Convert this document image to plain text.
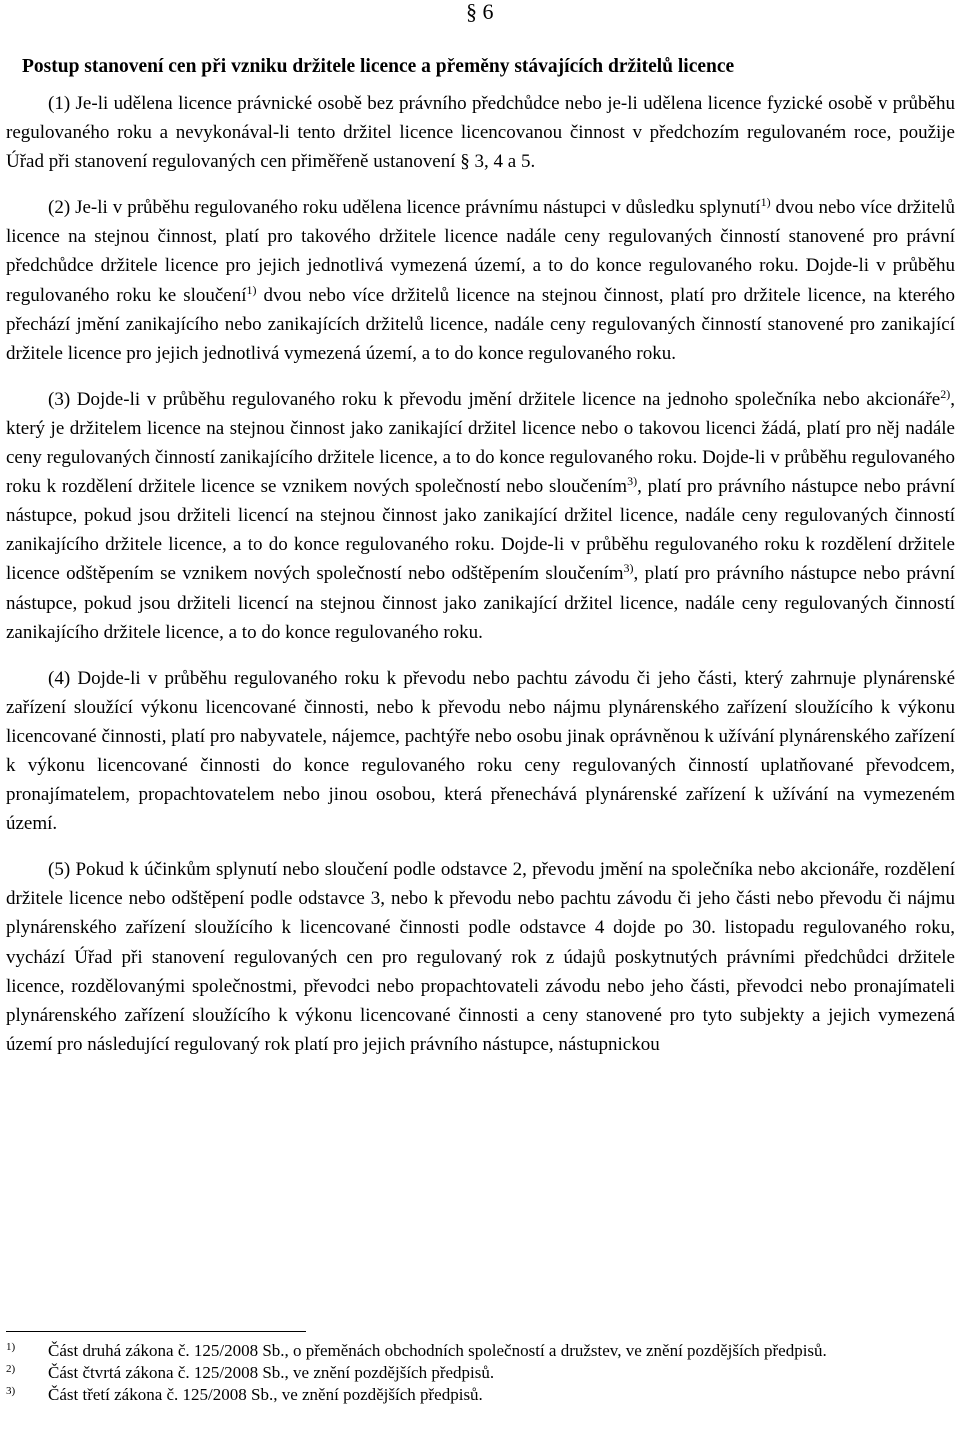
§ 6
Postup stanovení cen při vzniku držitele licence a přeměny stávajících držitelů licence

(1) Je-li udělena licence právnické osobě bez právního předchůdce nebo je-li udělena licence fyzické osobě v průběhu regulovaného roku a nevykonával-li tento držitel licence licencovanou činnost v předchozím regulovaném roce, použije Úřad při stanovení regulovaných cen přiměřeně ustanovení § 3, 4 a 5.

(2) Je-li v průběhu regulovaného roku udělena licence právnímu nástupci v důsledku splynutí$^{1)}$ dvou nebo více držitelů licence na stejnou činnost, platí pro takového držitele licence nadále ceny regulovaných činností stanovené pro právní předchůdce držitele licence pro jejich jednotlivá vymezená území, a to do konce regulovaného roku. Dojde-li v průběhu regulovaného roku ke sloučení$^{1)}$ dvou nebo více držitelů licence na stejnou činnost, platí pro držitele licence, na kterého přechází jmění zanikajícího nebo zanikajících držitelů licence, nadále ceny regulovaných činností stanovené pro zanikající držitele licence pro jejich jednotlivá vymezená území, a to do konce regulovaného roku.

(3) Dojde-li v průběhu regulovaného roku k převodu jmění držitele licence na jednoho společníka nebo akcionáře$^{2)}$, který je držitelem licence na stejnou činnost jako zanikající držitel licence nebo o takovou licenci žádá, platí pro něj nadále ceny regulovaných činností zanikajícího držitele licence, a to do konce regulovaného roku. Dojde-li v průběhu regulovaného roku k rozdělení držitele licence se vznikem nových společností nebo sloučením$^{3)}$, platí pro právního nástupce nebo právní nástupce, pokud jsou držiteli licencí na stejnou činnost jako zanikající držitel licence, nadále ceny regulovaných činností zanikajícího držitele licence, a to do konce regulovaného roku. Dojde-li v průběhu regulovaného roku k rozdělení držitele licence odštěpením se vznikem nových společností nebo odštěpením sloučením$^{3)}$, platí pro právního nástupce nebo právní nástupce, pokud jsou držiteli licencí na stejnou činnost jako zanikající držitel licence, nadále ceny regulovaných činností zanikajícího držitele licence, a to do konce regulovaného roku.

(4) Dojde-li v průběhu regulovaného roku k převodu nebo pachtu závodu či jeho části, který zahrnuje plynárenské zařízení sloužící výkonu licencované činnosti, nebo k převodu nebo nájmu plynárenského zařízení sloužícího k výkonu licencované činnosti, platí pro nabyvatele, nájemce, pachtýře nebo osobu jinak oprávněnou k užívání plynárenského zařízení k výkonu licencované činnosti do konce regulovaného roku ceny regulovaných činností uplatňované převodcem, pronajímatelem, propachtovatelem nebo jinou osobou, která přenechává plynárenské zařízení k užívání na vymezeném území.

(5) Pokud k účinkům splynutí nebo sloučení podle odstavce 2, převodu jmění na společníka nebo akcionáře, rozdělení držitele licence nebo odštěpení podle odstavce 3, nebo k převodu nebo pachtu závodu či jeho části nebo převodu či nájmu plynárenského zařízení sloužícího k licencované činnosti podle odstavce 4 dojde po 30. listopadu regulovaného roku, vychází Úřad při stanovení regulovaných cen pro regulovaný rok z údajů poskytnutých právními předchůdci držitele licence, rozdělovanými společnostmi, převodci nebo propachtovateli závodu nebo jeho části, převodci nebo pronajímateli plynárenského zařízení sloužícího k výkonu licencované činnosti a ceny stanovené pro tyto subjekty a jejich vymezená území pro následující regulovaný rok platí pro jejich právního nástupce, nástupnickou

1)	Část druhá zákona č. 125/2008 Sb., o přeměnách obchodních společností a družstev, ve znění pozdějších předpisů.
2)	Část čtvrtá zákona č. 125/2008 Sb., ve znění pozdějších předpisů.
3)	Část třetí zákona č. 125/2008 Sb., ve znění pozdějších předpisů.
